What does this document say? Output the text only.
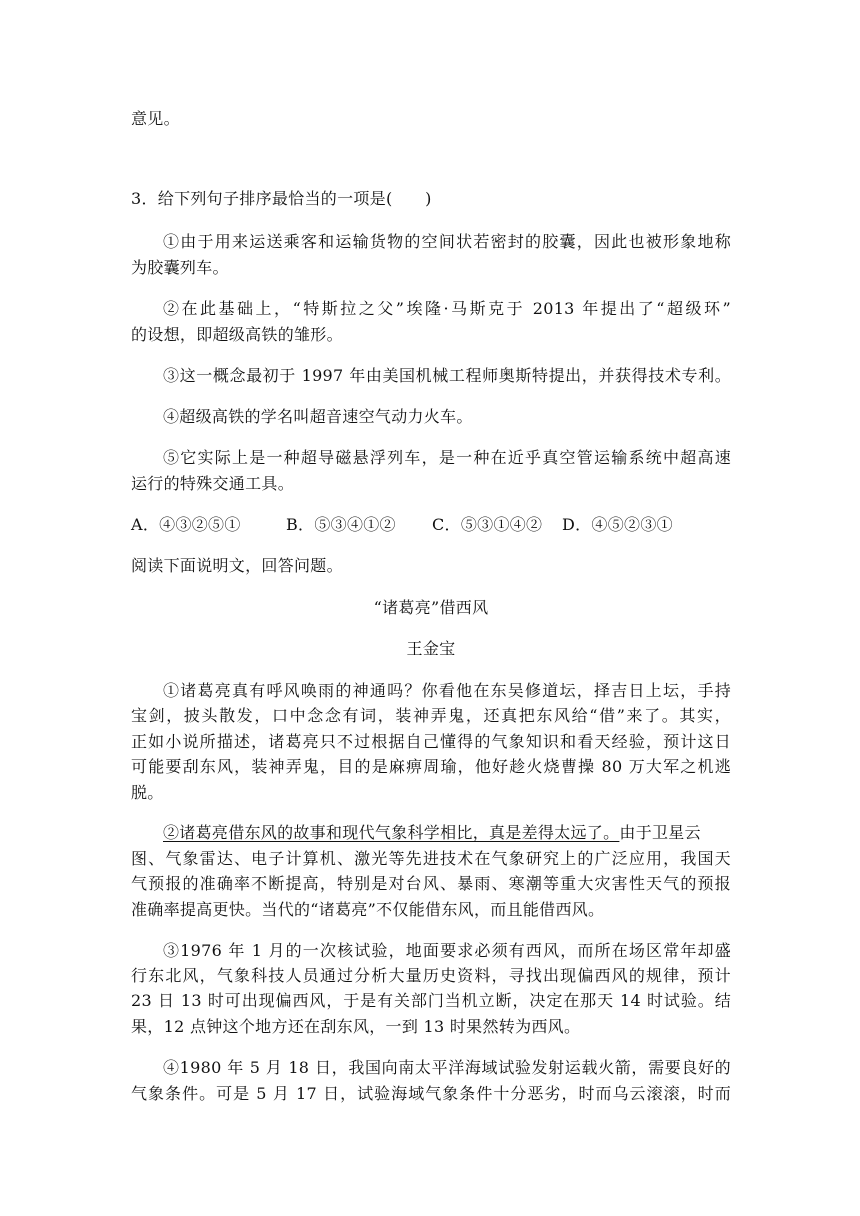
意见。
3．给下列句子排序最恰当的一项是(　　)
①由于用来运送乘客和运输货物的空间状若密封的胶囊，因此也被形象地称
为胶囊列车。
②在此基础上，“特斯拉之父”埃隆·马斯克于 2013 年提出了“超级环”
的设想，即超级高铁的雏形。
③这一概念最初于 1997 年由美国机械工程师奥斯特提出，并获得技术专利。
④超级高铁的学名叫超音速空气动力火车。
⑤它实际上是一种超导磁悬浮列车，是一种在近乎真空管运输系统中超高速
运行的特殊交通工具。
A．④③②⑤①	B．⑤③④①② C．⑤③①④② D．④⑤②③①
阅读下面说明文，回答问题。
“诸葛亮”借西风
王金宝
①诸葛亮真有呼风唤雨的神通吗？你看他在东吴修道坛，择吉日上坛，手持
宝剑，披头散发，口中念念有词，装神弄鬼，还真把东风给“借”来了。其实，
正如小说所描述，诸葛亮只不过根据自己懂得的气象知识和看天经验，预计这日
可能要刮东风，装神弄鬼，目的是麻痹周瑜，他好趁火烧曹操 80 万大军之机逃
脱。
②诸葛亮借东风的故事和现代气象科学相比，真是差得太远了。由于卫星云
图、气象雷达、电子计算机、激光等先进技术在气象研究上的广泛应用，我国天
气预报的准确率不断提高，特别是对台风、暴雨、寒潮等重大灾害性天气的预报
准确率提高更快。当代的“诸葛亮”不仅能借东风，而且能借西风。
③1976 年 1 月的一次核试验，地面要求必须有西风，而所在场区常年却盛
行东北风，气象科技人员通过分析大量历史资料，寻找出现偏西风的规律，预计
23 日 13 时可出现偏西风，于是有关部门当机立断，决定在那天 14 时试验。结
果，12 点钟这个地方还在刮东风，一到 13 时果然转为西风。
④1980 年 5 月 18 日，我国向南太平洋海域试验发射运载火箭，需要良好的
气象条件。可是 5 月 17 日，试验海域气象条件十分恶劣，时而乌云滚滚，时而
